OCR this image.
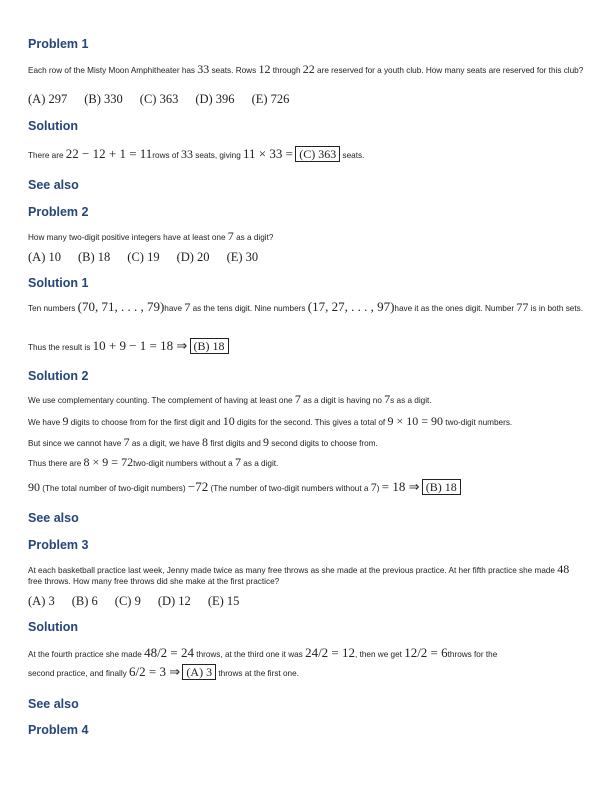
Problem 1

Each row of the Misty Moon Amphitheater has 33 seats. Rows 12 through 22 are reserved for a youth club. How many seats are reserved for this club?

(A) 297 (B) 330 (C) 363 (D) 396 (E) 726
Solution

There are 22 − 12 + 1 = 11rows of 33 seats, giving 11 × 33 = (C) 363 seats.

See also
Problem 2

How many two-digit positive integers have at least one 7 as a digit?

(A) 10 (B) 18 (C) 19 (D) 20 (E) 30
Solution 1

Ten numbers (70, 71, . . . , 79)have 7 as the tens digit. Nine numbers (17, 27, . . . , 97)have it as the ones digit. Number 77 is in both sets.

Thus the result is 10 + 9 − 1 = 18 ⇒ (B) 18

Solution 2

We use complementary counting. The complement of having at least one 7 as a digit is having no 7s as a digit.

We have 9 digits to choose from for the first digit and 10 digits for the second. This gives a total of 9 × 10 = 90 two-digit numbers.

But since we cannot have 7 as a digit, we have 8 first digits and 9 second digits to choose from.

Thus there are 8 × 9 = 72two-digit numbers without a 7 as a digit.

90 (The total number of two-digit numbers) −72 (The number of two-digit numbers without a 7) = 18 ⇒ (B) 18

See also
Problem 3

At each basketball practice last week, Jenny made twice as many free throws as she made at the previous practice. At her fifth practice she made 48 free throws. How many free throws did she make at the first practice?

(A) 3 (B) 6 (C) 9 (D) 12 (E) 15
Solution

At the fourth practice she made 48/2 = 24 throws, at the third one it was 24/2 = 12, then we get 12/2 = 6throws for the

second practice, and finally 6/2 = 3 ⇒ (A) 3 throws at the first one.

See also
Problem 4
